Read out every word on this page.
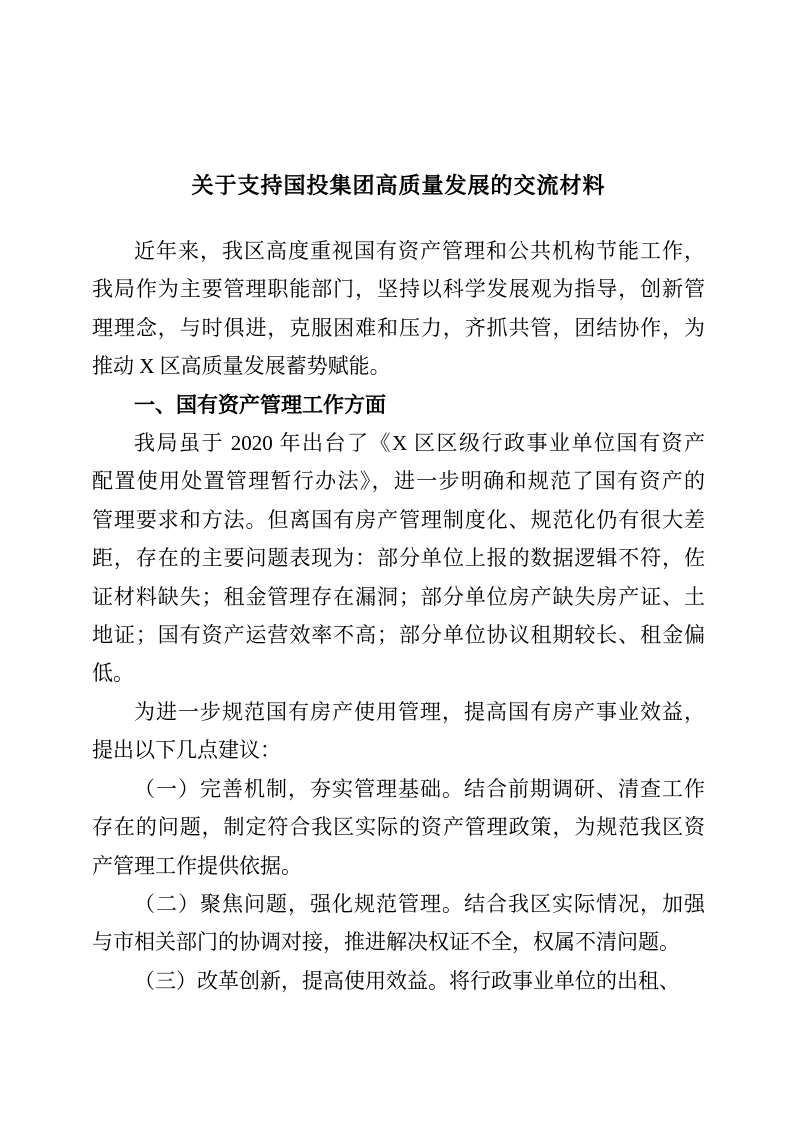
关于支持国投集团高质量发展的交流材料
近年来，我区高度重视国有资产管理和公共机构节能工作，
我局作为主要管理职能部门，坚持以科学发展观为指导，创新管
理理念，与时俱进，克服困难和压力，齐抓共管，团结协作，为
推动 X 区高质量发展蓄势赋能。
一、国有资产管理工作方面
我局虽于 2020 年出台了《X 区区级行政事业单位国有资产
配置使用处置管理暂行办法》，进一步明确和规范了国有资产的
管理要求和方法。但离国有房产管理制度化、规范化仍有很大差
距，存在的主要问题表现为：部分单位上报的数据逻辑不符，佐
证材料缺失；租金管理存在漏洞；部分单位房产缺失房产证、土
地证；国有资产运营效率不高；部分单位协议租期较长、租金偏
低。
为进一步规范国有房产使用管理，提高国有房产事业效益，
提出以下几点建议：
（一）完善机制，夯实管理基础。结合前期调研、清查工作
存在的问题，制定符合我区实际的资产管理政策，为规范我区资
产管理工作提供依据。
（二）聚焦问题，强化规范管理。结合我区实际情况，加强
与市相关部门的协调对接，推进解决权证不全，权属不清问题。
（三）改革创新，提高使用效益。将行政事业单位的出租、
